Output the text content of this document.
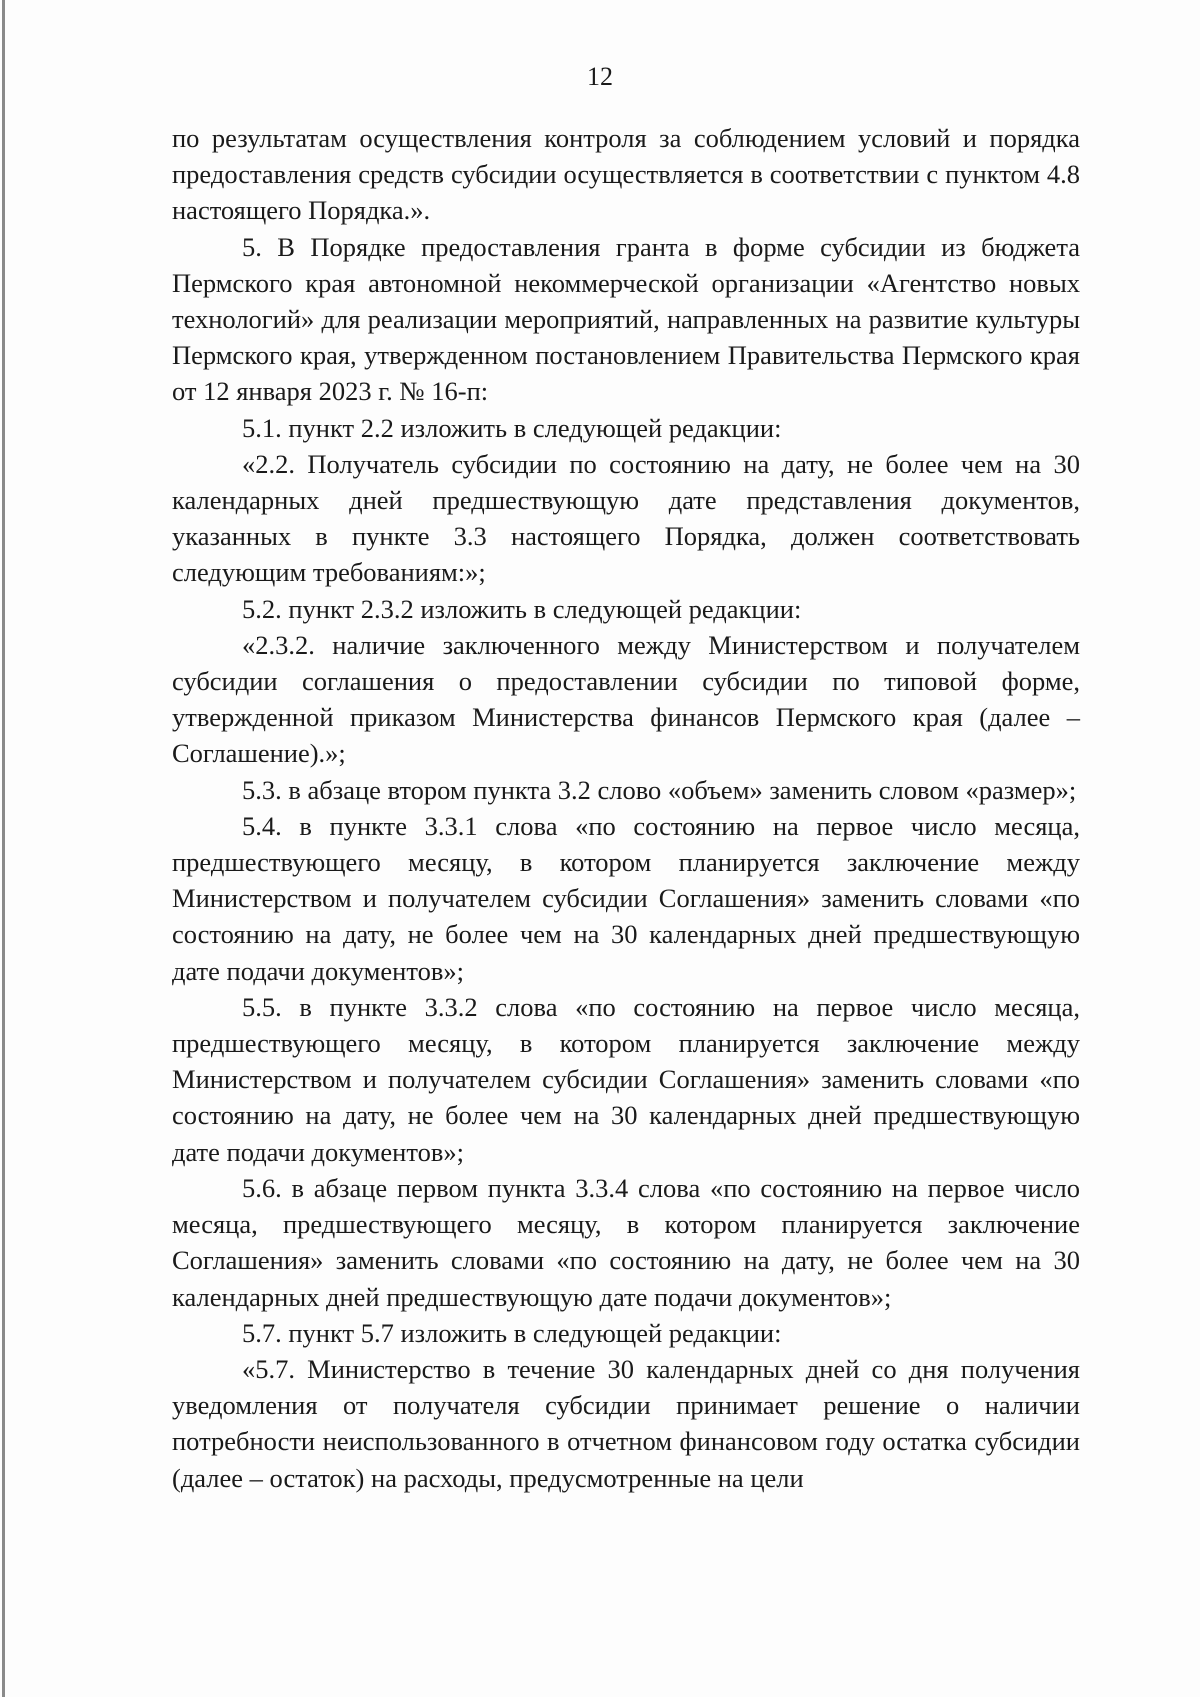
12

по результатам осуществления контроля за соблюдением условий и порядка предоставления средств субсидии осуществляется в соответствии с пунктом 4.8 настоящего Порядка.».

5. В Порядке предоставления гранта в форме субсидии из бюджета Пермского края автономной некоммерческой организации «Агентство новых технологий» для реализации мероприятий, направленных на развитие культуры Пермского края, утвержденном постановлением Правительства Пермского края от 12 января 2023 г. № 16-п:

5.1. пункт 2.2 изложить в следующей редакции:

«2.2. Получатель субсидии по состоянию на дату, не более чем на 30 календарных дней предшествующую дате представления документов, указанных в пункте 3.3 настоящего Порядка, должен соответствовать следующим требованиям:»;

5.2. пункт 2.3.2 изложить в следующей редакции:

«2.3.2. наличие заключенного между Министерством и получателем субсидии соглашения о предоставлении субсидии по типовой форме, утвержденной приказом Министерства финансов Пермского края (далее – Соглашение).»;

5.3. в абзаце втором пункта 3.2 слово «объем» заменить словом «размер»;

5.4. в пункте 3.3.1 слова «по состоянию на первое число месяца, предшествующего месяцу, в котором планируется заключение между Министерством и получателем субсидии Соглашения» заменить словами «по состоянию на дату, не более чем на 30 календарных дней предшествующую дате подачи документов»;

5.5. в пункте 3.3.2 слова «по состоянию на первое число месяца, предшествующего месяцу, в котором планируется заключение между Министерством и получателем субсидии Соглашения» заменить словами «по состоянию на дату, не более чем на 30 календарных дней предшествующую дате подачи документов»;

5.6. в абзаце первом пункта 3.3.4 слова «по состоянию на первое число месяца, предшествующего месяцу, в котором планируется заключение Соглашения» заменить словами «по состоянию на дату, не более чем на 30 календарных дней предшествующую дате подачи документов»;

5.7. пункт 5.7 изложить в следующей редакции:

«5.7. Министерство в течение 30 календарных дней со дня получения уведомления от получателя субсидии принимает решение о наличии потребности неиспользованного в отчетном финансовом году остатка субсидии (далее – остаток) на расходы, предусмотренные на цели
